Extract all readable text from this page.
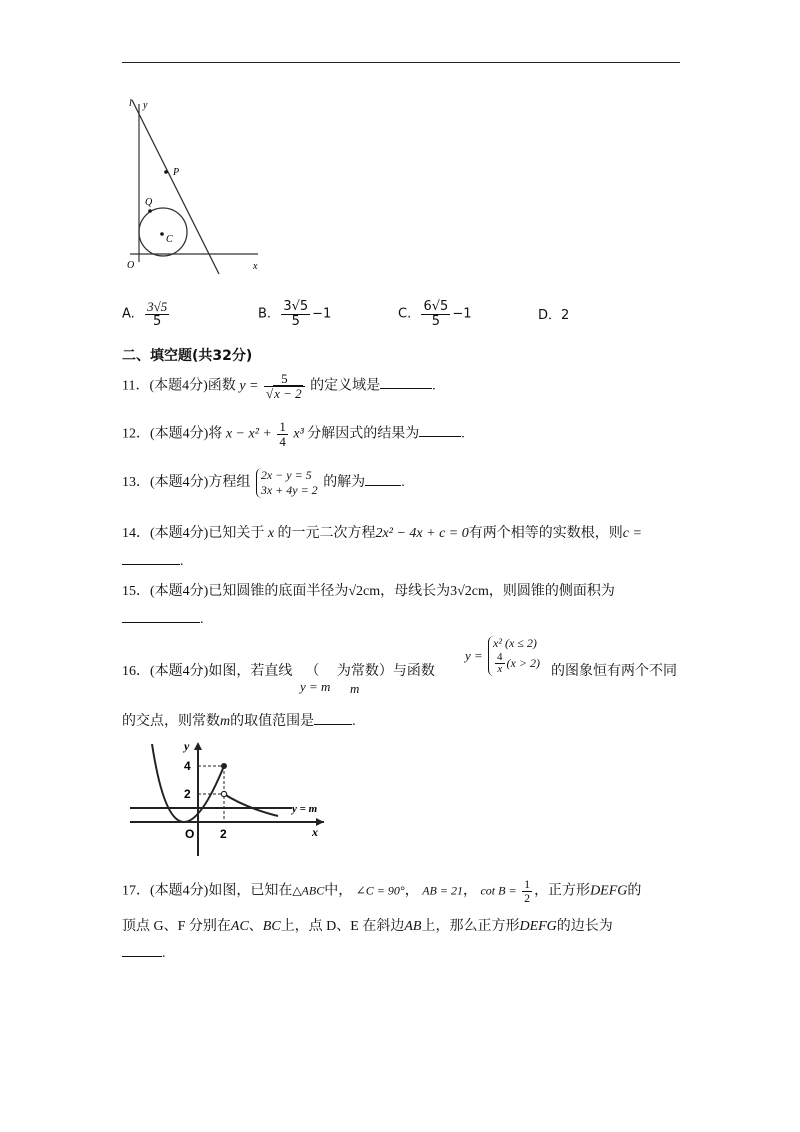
l y
P
Q
C
O	x
A. $\frac{3√5}{5}$	B. $\frac{3√5}{5} -1$	C. $\frac{6√5}{5} -1$	D．2
二、填空题(共32分)
11．(本题4分)函数 $y = \frac{5}{√x - 2}$ 的定义域是	.
12．(本题4分)将 $x - x^2 + \frac{1}{4} x^3$ 分解因式的结果为	.
13．(本题4分)方程组 2x − y = 5
3x + 4y = 2 的解为	.
14．(本题4分)已知关于 x 的一元二次方程2x² − 4x + c = 0有两个相等的实数根，则c =
.
15．(本题4分)已知圆锥的底面半径为√2cm，母线长为3√2cm，则圆锥的侧面积为
.
16．(本题4分)如图，若直线 （　 为常数）与函数
y = m m
y = x² (x ≤ 2)

$\frac{4}{x} (x > 2)$
的图象恒有两个不同
的交点，则常数m的取值范围是	.
y
4
2
O 2	x
y = m
17．(本题4分)如图，已知在△ABC中， ∠C = 90°， AB = 21， $\cot B = \frac{1}{2}$ ，正方形DEFG的
顶点 G、F 分别在AC、BC上，点 D、E 在斜边AB上，那么正方形DEFG的边长为
.
